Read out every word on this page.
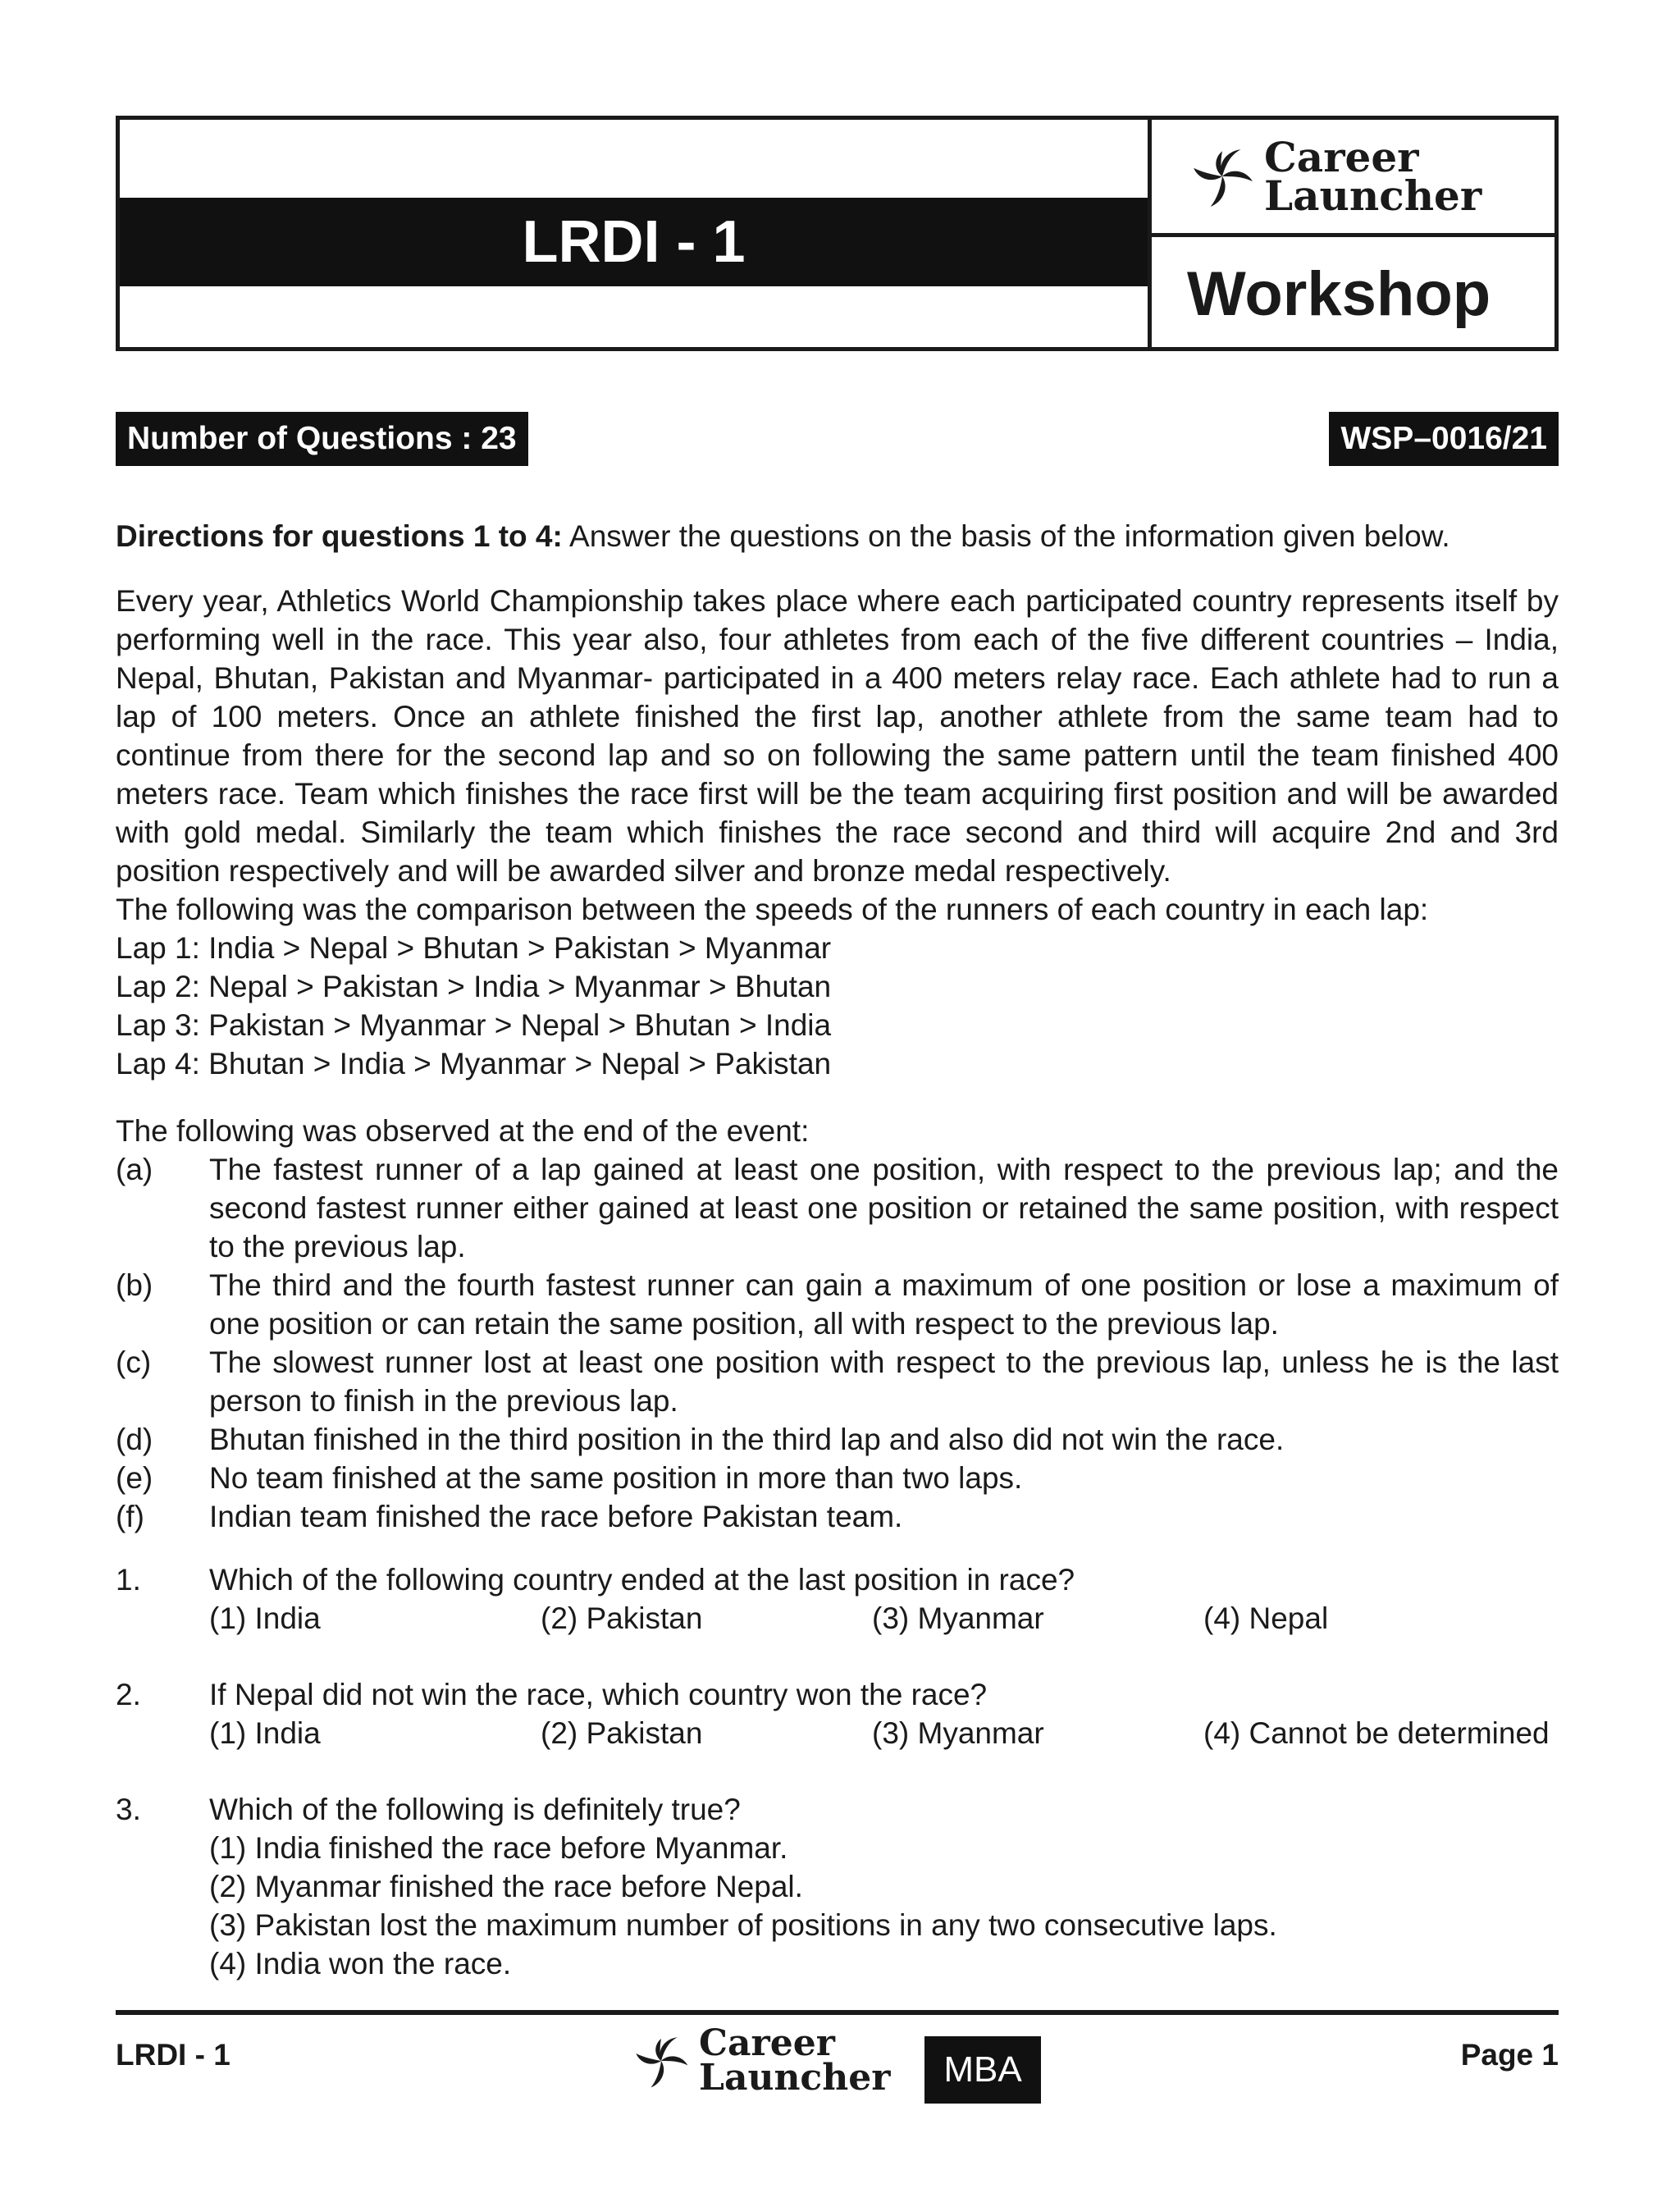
LRDI - 1
Career
Launcher
Workshop
Number of Questions : 23	WSP–0016/21
Directions for questions 1 to 4: Answer the questions on the basis of the information given below.
Every year, Athletics World Championship takes place where each participated country represents itself by performing well in the race. This year also, four athletes from each of the five different countries – India, Nepal, Bhutan, Pakistan and Myanmar- participated in a 400 meters relay race. Each athlete had to run a lap of 100 meters. Once an athlete finished the first lap, another athlete from the same team had to continue from there for the second lap and so on following the same pattern until the team finished 400 meters race. Team which finishes the race first will be the team acquiring first position and will be awarded with gold medal. Similarly the team which finishes the race second and third will acquire 2nd and 3rd position respectively and will be awarded silver and bronze medal respectively.
The following was the comparison between the speeds of the runners of each country in each lap:
Lap 1: India > Nepal > Bhutan > Pakistan > Myanmar
Lap 2: Nepal > Pakistan > India > Myanmar > Bhutan
Lap 3: Pakistan > Myanmar > Nepal > Bhutan > India
Lap 4: Bhutan > India > Myanmar > Nepal > Pakistan
The following was observed at the end of the event:
(a)	The fastest runner of a lap gained at least one position, with respect to the previous lap; and the second fastest runner either gained at least one position or retained the same position, with respect to the previous lap.
(b)	The third and the fourth fastest runner can gain a maximum of one position or lose a maximum of one position or can retain the same position, all with respect to the previous lap.
(c)	The slowest runner lost at least one position with respect to the previous lap, unless he is the last person to finish in the previous lap.
(d)	Bhutan finished in the third position in the third lap and also did not win the race.
(e)	No team finished at the same position in more than two laps.
(f)	Indian team finished the race before Pakistan team.
1.	Which of the following country ended at the last position in race?
(1) India	(2) Pakistan	(3) Myanmar	(4) Nepal
2.	If Nepal did not win the race, which country won the race?
(1) India	(2) Pakistan	(3) Myanmar	(4) Cannot be determined
3.	Which of the following is definitely true?
(1) India finished the race before Myanmar.
(2) Myanmar finished the race before Nepal.
(3) Pakistan lost the maximum number of positions in any two consecutive laps.
(4) India won the race.
LRDI - 1	Career
Launcher	MBA	Page 1
